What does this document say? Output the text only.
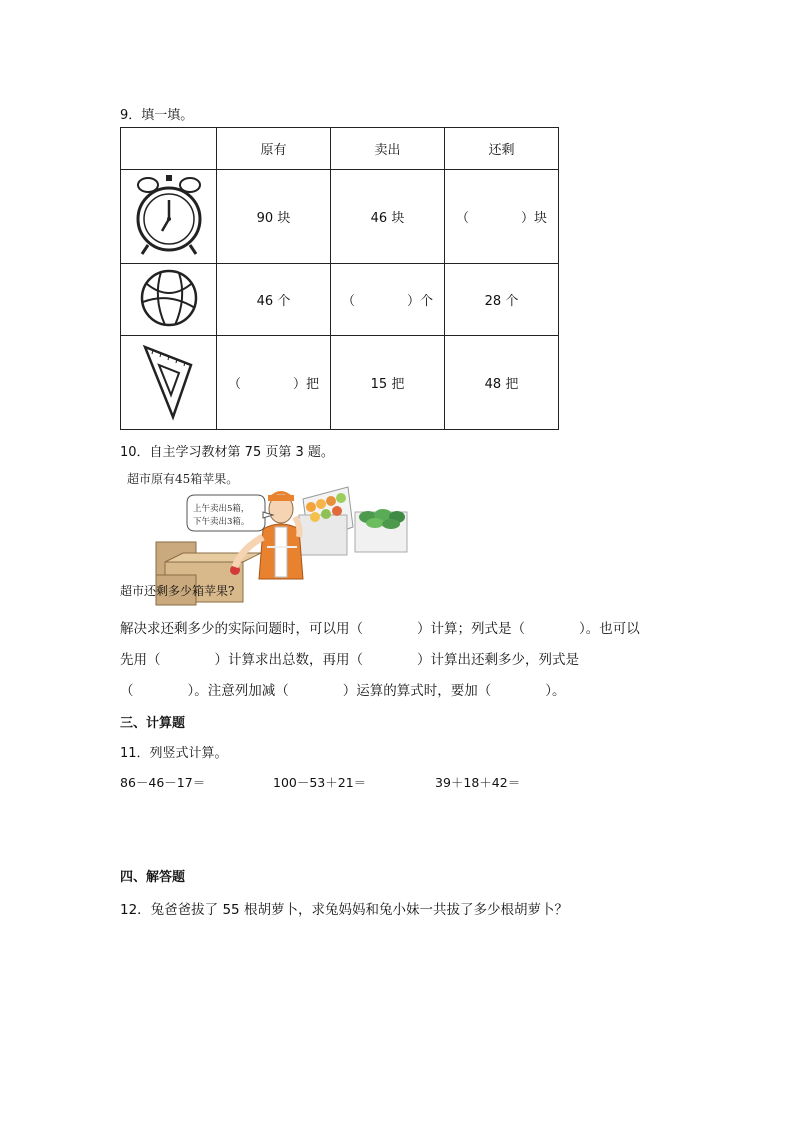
9．填一填。
	原有	卖出	还剩
	90 块	46 块	（　　　　）块
	46 个	（　　　　）个	28 个
	（　　　　）把	15 把	48 把
10．自主学习教材第 75 页第 3 题。
超市原有45箱苹果。
上午卖出5箱，
下午卖出3箱。
超市还剩多少箱苹果?
解决求还剩多少的实际问题时，可以用（　　　　）计算；列式是（　　　　）。也可以
先用（　　　　）计算求出总数，再用（　　　　）计算出还剩多少，列式是
（　　　　）。注意列加减（　　　　）运算的算式时，要加（　　　　）。
三、计算题
11．列竖式计算。
86－46－17＝	100－53＋21＝	39＋18＋42＝
四、解答题
12．兔爸爸拔了 55 根胡萝卜，求兔妈妈和兔小妹一共拔了多少根胡萝卜？
